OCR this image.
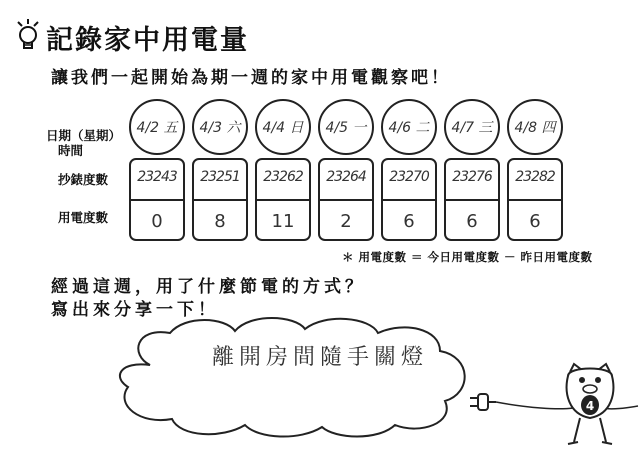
記錄家中用電量
讓我們一起開始為期一週的家中用電觀察吧！
日期（星期）
時間
抄錶度數
用電度數
4/2 五
23243
0
4/3 六
23251
8
4/4 日
23262
11
4/5 一
23264
2
4/6 二
23270
6
4/7 三
23276
6
4/8 四
23282
6
＊ 用電度數 ＝ 今日用電度數 － 昨日用電度數
經過這週，用了什麼節電的方式？
寫出來分享一下！
離開房間隨手關燈
4
